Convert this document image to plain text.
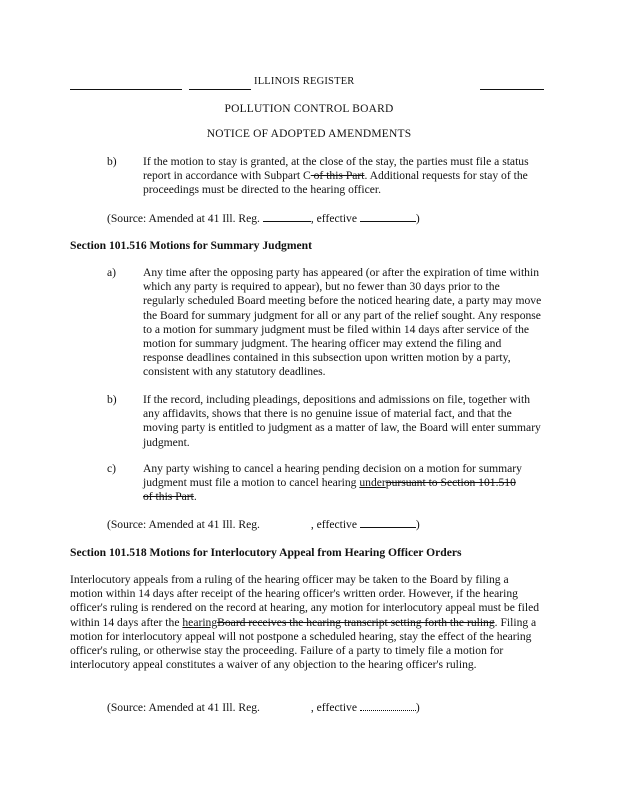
ILLINOIS REGISTER
POLLUTION CONTROL BOARD
NOTICE OF ADOPTED AMENDMENTS
b) If the motion to stay is granted, at the close of the stay, the parties must file a status report in accordance with Subpart C of this Part. Additional requests for stay of the proceedings must be directed to the hearing officer.
(Source: Amended at 41 Ill. Reg.	, effective	)
Section 101.516 Motions for Summary Judgment
a) Any time after the opposing party has appeared (or after the expiration of time within which any party is required to appear), but no fewer than 30 days prior to the regularly scheduled Board meeting before the noticed hearing date, a party may move the Board for summary judgment for all or any part of the relief sought. Any response to a motion for summary judgment must be filed within 14 days after service of the motion for summary judgment. The hearing officer may extend the filing and response deadlines contained in this subsection upon written motion by a party, consistent with any statutory deadlines.
b) If the record, including pleadings, depositions and admissions on file, together with any affidavits, shows that there is no genuine issue of material fact, and that the moving party is entitled to judgment as a matter of law, the Board will enter summary judgment.
c) Any party wishing to cancel a hearing pending decision on a motion for summary judgment must file a motion to cancel hearing underpursuant to Section 101.510
of this Part.
(Source: Amended at 41 Ill. Reg.	, effective	)
Section 101.518 Motions for Interlocutory Appeal from Hearing Officer Orders
Interlocutory appeals from a ruling of the hearing officer may be taken to the Board by filing a motion within 14 days after receipt of the hearing officer's written order. However, if the hearing officer's ruling is rendered on the record at hearing, any motion for interlocutory appeal must be filed within 14 days after the hearingBoard receives the hearing transcript setting forth the ruling. Filing a motion for interlocutory appeal will not postpone a scheduled hearing, stay the effect of the hearing officer's ruling, or otherwise stay the proceeding. Failure of a party to timely file a motion for interlocutory appeal constitutes a waiver of any objection to the hearing officer's ruling.
(Source: Amended at 41 Ill. Reg.	, effective	)
